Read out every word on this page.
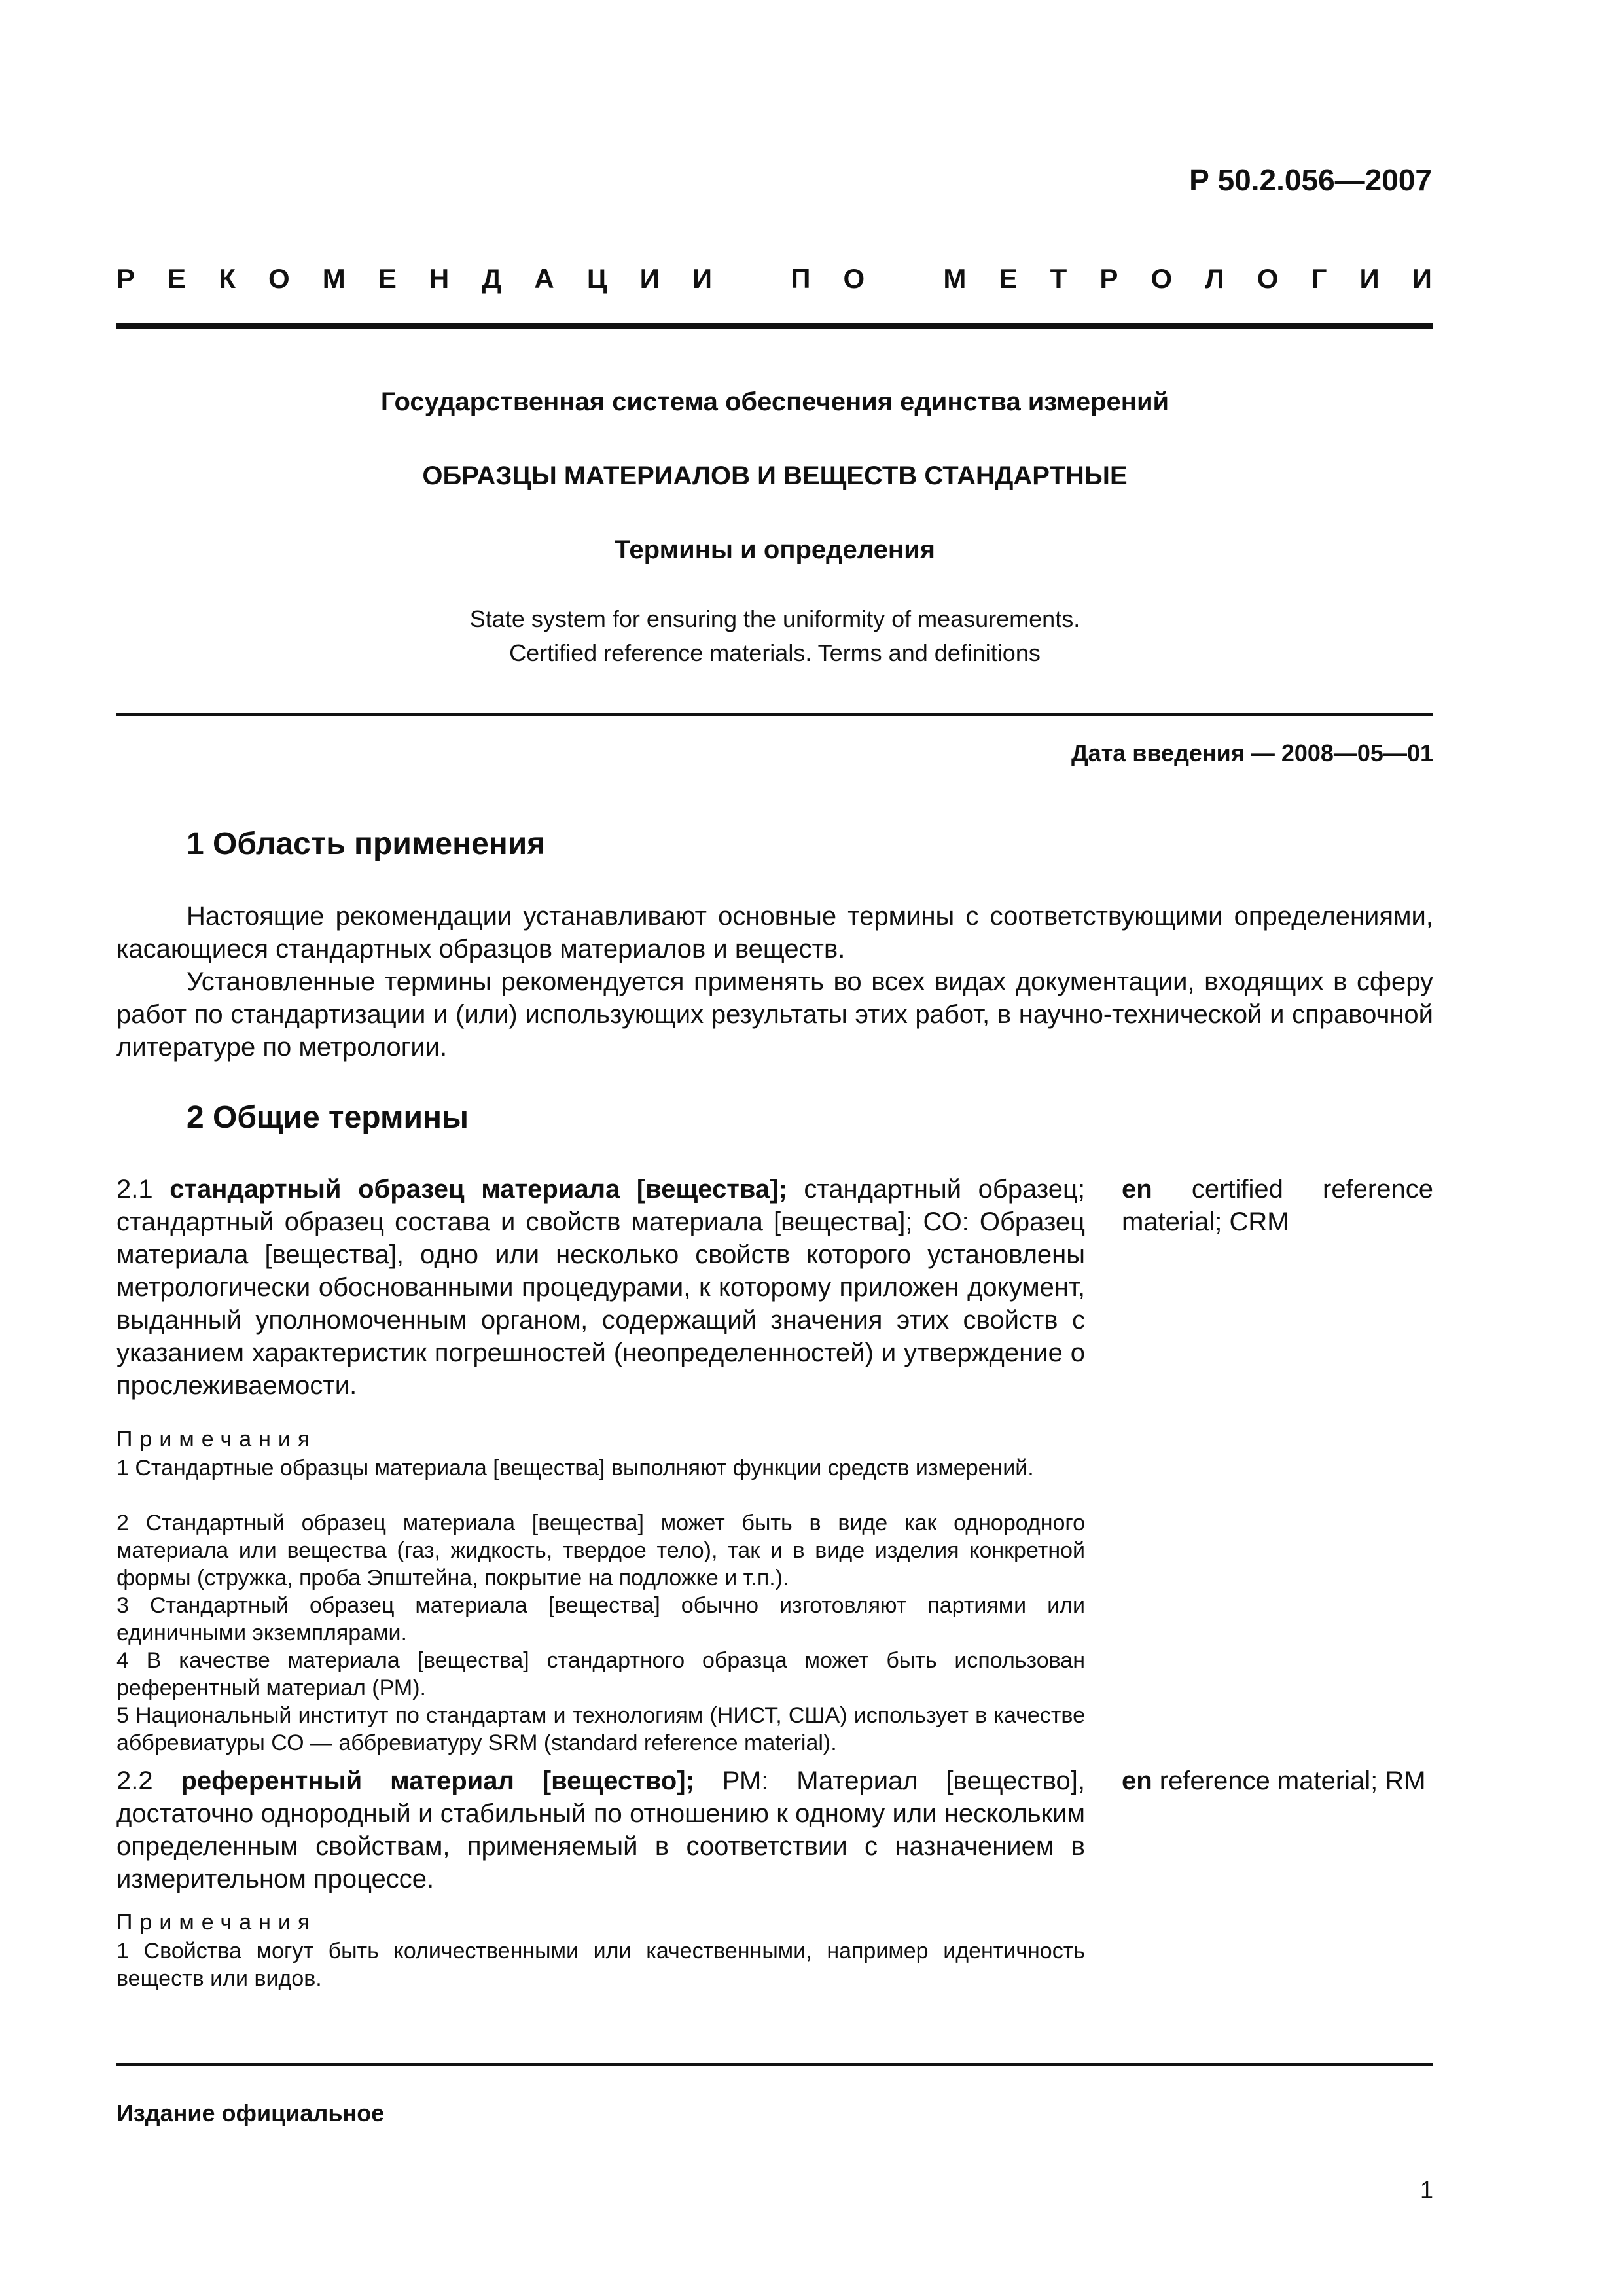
Р 50.2.056—2007
Р Е К О М Е Н Д А Ц И И	П О	М Е Т Р О Л О Г И И
Государственная система обеспечения единства измерений
ОБРАЗЦЫ МАТЕРИАЛОВ И ВЕЩЕСТВ СТАНДАРТНЫЕ
Термины и определения
State system for ensuring the uniformity of measurements.
Certified reference materials. Terms and definitions
Дата введения — 2008—05—01
1 Область применения

Настоящие рекомендации устанавливают основные термины с соответствующими определениями, касающиеся стандартных образцов материалов и веществ.

Установленные термины рекомендуется применять во всех видах документации, входящих в сферу работ по стандартизации и (или) использующих результаты этих работ, в научно-технической и справочной литературе по метрологии.

2 Общие термины

2.1 стандартный образец материала [вещества]; стандартный образец; стандартный образец состава и свойств материала [вещества]; СО: Образец материала [вещества], одно или несколько свойств которого установлены метрологически обоснованными процедурами, к которому приложен документ, выданный уполномоченным органом, содержащий значения этих свойств с указанием характеристик погрешностей (неопределенностей) и утверждение о прослеживаемости.

en certified reference material; CRM

Примечания

1 Стандартные образцы материала [вещества] выполняют функции средств измерений.

2 Стандартный образец материала [вещества] может быть в виде как однородного материала или вещества (газ, жидкость, твердое тело), так и в виде изделия конкретной формы (стружка, проба Эпштейна, покрытие на подложке и т.п.).

3 Стандартный образец материала [вещества] обычно изготовляют партиями или единичными экземплярами.

4 В качестве материала [вещества] стандартного образца может быть использован референтный материал (РМ).

5 Национальный институт по стандартам и технологиям (НИСТ, США) использует в качестве аббревиатуры СО — аббревиатуру SRM (standard reference material).

2.2 референтный материал [вещество]; РМ: Материал [вещество], достаточно однородный и стабильный по отношению к одному или нескольким определенным свойствам, применяемый в соответствии с назначением в измерительном процессе.

en reference material; RM

Примечания

1 Свойства могут быть количественными или качественными, например идентичность веществ или видов.

Издание официальное
1
